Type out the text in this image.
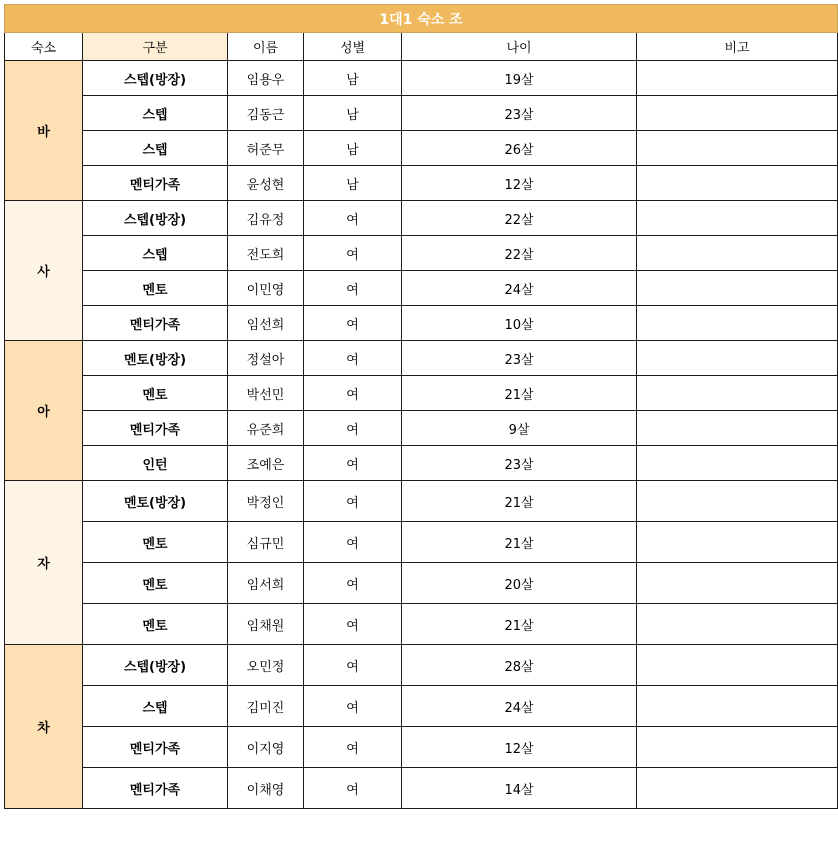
1대1 숙소 조					
숙소	구분	이름	성별	나이	비고
바	스텝(방장)	임용우	남	19살	
	스텝	김동근	남	23살	
	스텝	허준무	남	26살	
	멘티가족	윤성현	남	12살	
사	스텝(방장)	김유정	여	22살	
	스텝	전도희	여	22살	
	멘토	이민영	여	24살	
	멘티가족	임선희	여	10살	
아	멘토(방장)	정설아	여	23살	
	멘토	박선민	여	21살	
	멘티가족	유준희	여	9살	
	인턴	조예은	여	23살	
자	멘토(방장)	박정인	여	21살	
	멘토	심규민	여	21살	
	멘토	임서희	여	20살	
	멘토	임채원	여	21살	
차	스텝(방장)	오민정	여	28살	
	스텝	김미진	여	24살	
	멘티가족	이지영	여	12살	
	멘티가족	이채영	여	14살	
